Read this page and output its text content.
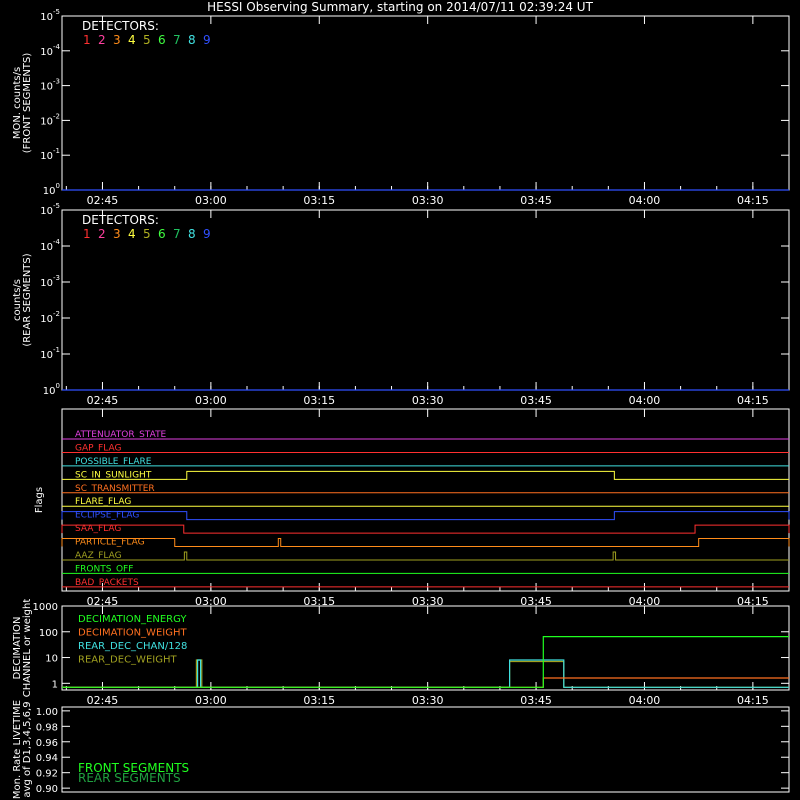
HESSI Observing Summary, starting on 2014/07/11 02:39:24 UT
02:45	03:00	03:15	03:30	03:45	04:00	04:15
$10^0$
$10^{-1}$
$10^{-2}$
$10^{-3}$
$10^{-4}$
$10^{-5}$
MON. counts/s(FRONT SEGMENTS)
DETECTORS:
1 2 3 4 5 6 7 8 9
02:45	03:00	03:15	03:30	03:45	04:00	04:15
$10^0$
$10^{-1}$
$10^{-2}$
$10^{-3}$
$10^{-4}$
$10^{-5}$
counts/s(REAR SEGMENTS)
DETECTORS:
1 2 3 4 5 6 7 8 9
02:45	03:00	03:15	03:30	03:45	04:00	04:15
Flags
ATTENUATOR_STATE
GAP_FLAG
POSSIBLE_FLARE
SC_IN_SUNLIGHT
SC_TRANSMITTER
FLARE_FLAG
ECLIPSE_FLAG
SAA_FLAG
PARTICLE_FLAG
AAZ_FLAG
FRONTS_OFF
BAD_PACKETS
02:45	03:00	03:15	03:30	03:45	04:00	04:15
1
10
100
1000
DECIMATIONCHANNEL or weight	DECIMATION_ENERGY
DECIMATION_WEIGHT
REAR_DEC_CHAN/128
REAR_DEC_WEIGHT
0.90
0.92
0.94
0.96
0.98
1.00
Mon. Rate LIVETIMEavg of D1,3,4,5,6,9	FRONT SEGMENTS
REAR SEGMENTS
